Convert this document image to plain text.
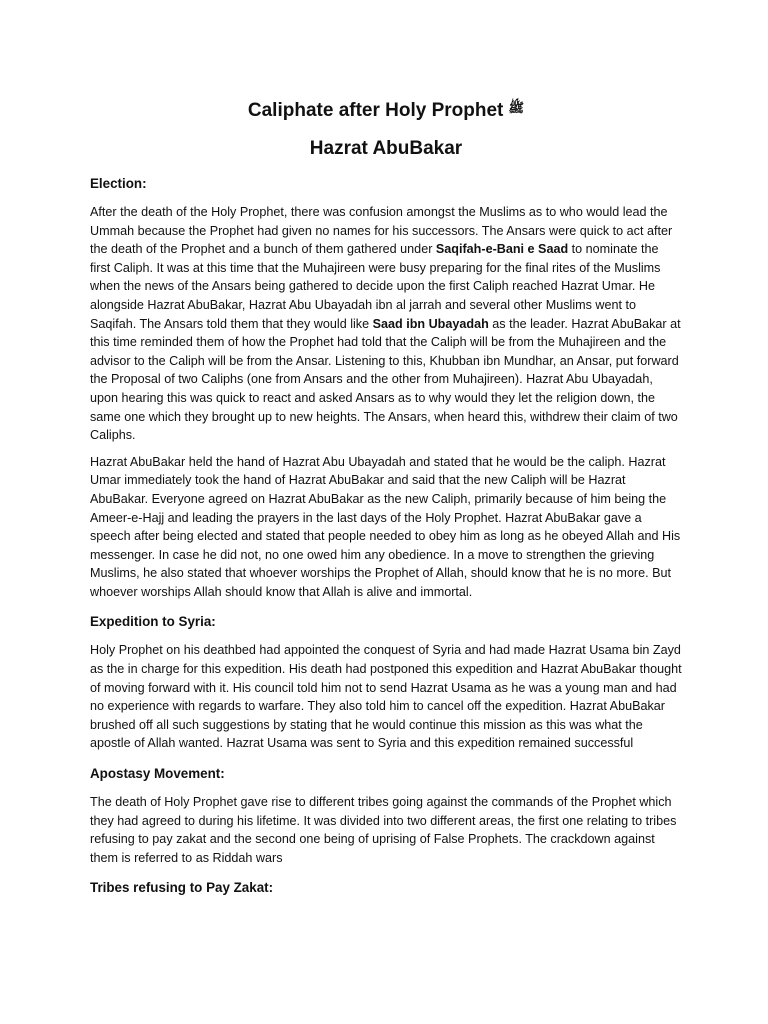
Caliphate after Holy Prophet ﷺ
Hazrat AbuBakar
Election:

After the death of the Holy Prophet, there was confusion amongst the Muslims as to who would lead the Ummah because the Prophet had given no names for his successors. The Ansars were quick to act after the death of the Prophet and a bunch of them gathered under Saqifah-e-Bani e Saad to nominate the first Caliph. It was at this time that the Muhajireen were busy preparing for the final rites of the Muslims when the news of the Ansars being gathered to decide upon the first Caliph reached Hazrat Umar. He alongside Hazrat AbuBakar, Hazrat Abu Ubayadah ibn al jarrah and several other Muslims went to Saqifah. The Ansars told them that they would like Saad ibn Ubayadah as the leader. Hazrat AbuBakar at this time reminded them of how the Prophet had told that the Caliph will be from the Muhajireen and the advisor to the Caliph will be from the Ansar. Listening to this, Khubban ibn Mundhar, an Ansar, put forward the Proposal of two Caliphs (one from Ansars and the other from Muhajireen). Hazrat Abu Ubayadah, upon hearing this was quick to react and asked Ansars as to why would they let the religion down, the same one which they brought up to new heights. The Ansars, when heard this, withdrew their claim of two Caliphs.

Hazrat AbuBakar held the hand of Hazrat Abu Ubayadah and stated that he would be the caliph. Hazrat Umar immediately took the hand of Hazrat AbuBakar and said that the new Caliph will be Hazrat AbuBakar. Everyone agreed on Hazrat AbuBakar as the new Caliph, primarily because of him being the Ameer-e-Hajj and leading the prayers in the last days of the Holy Prophet. Hazrat AbuBakar gave a speech after being elected and stated that people needed to obey him as long as he obeyed Allah and His messenger. In case he did not, no one owed him any obedience. In a move to strengthen the grieving Muslims, he also stated that whoever worships the Prophet of Allah, should know that he is no more. But whoever worships Allah should know that Allah is alive and immortal.

Expedition to Syria:

Holy Prophet on his deathbed had appointed the conquest of Syria and had made Hazrat Usama bin Zayd as the in charge for this expedition. His death had postponed this expedition and Hazrat AbuBakar thought of moving forward with it. His council told him not to send Hazrat Usama as he was a young man and had no experience with regards to warfare. They also told him to cancel off the expedition. Hazrat AbuBakar brushed off all such suggestions by stating that he would continue this mission as this was what the apostle of Allah wanted. Hazrat Usama was sent to Syria and this expedition remained successful

Apostasy Movement:

The death of Holy Prophet gave rise to different tribes going against the commands of the Prophet which they had agreed to during his lifetime. It was divided into two different areas, the first one relating to tribes refusing to pay zakat and the second one being of uprising of False Prophets. The crackdown against them is referred to as Riddah wars

Tribes refusing to Pay Zakat:
